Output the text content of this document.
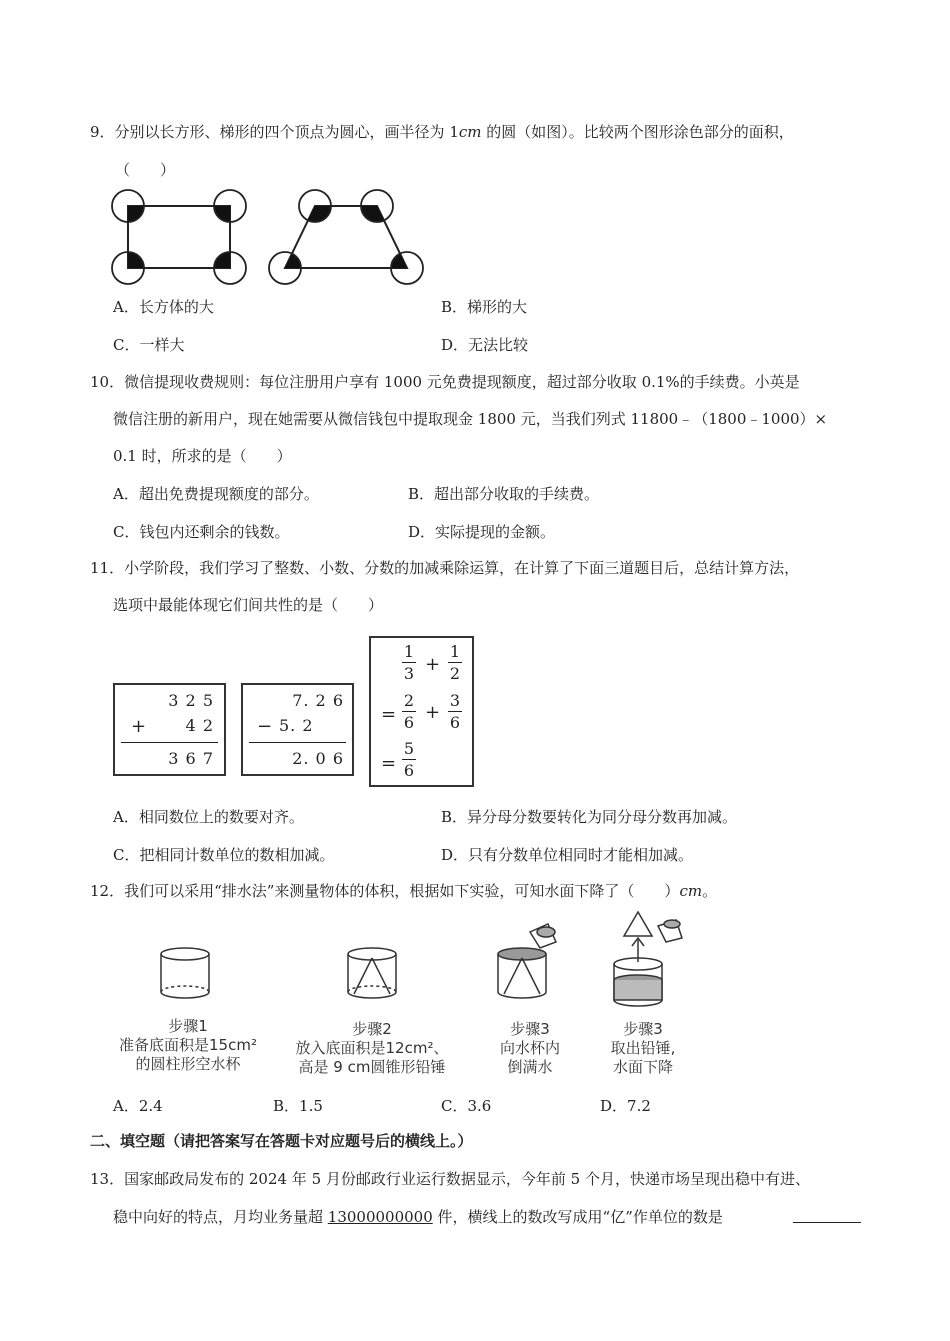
9．分别以长方形、梯形的四个顶点为圆心，画半径为 1cm 的圆（如图）。比较两个图形涂色部分的面积，
（　　）
A．长方体的大	B．梯形的大
C．一样大	D．无法比较
10．微信提现收费规则：每位注册用户享有 1000 元免费提现额度，超过部分收取 0.1%的手续费。小英是
微信注册的新用户，现在她需要从微信钱包中提取现金 1800 元，当我们列式 11800﹣（1800﹣1000）×
0.1 时，所求的是（　　）
A．超出免费提现额度的部分。	B．超出部分收取的手续费。
C．钱包内还剩余的钱数。	D．实际提现的金额。
11．小学阶段，我们学习了整数、小数、分数的加减乘除运算，在计算了下面三道题目后，总结计算方法，
选项中最能体现它们间共性的是（　　）
3 2 5
+ 4 2
3 6 7
7. 2 6
− 5. 2
2. 0 6
1
3 +
1
2
=
2
6 +
3
6
=
5
6
A．相同数位上的数要对齐。	B．异分母分数要转化为同分母分数再加减。
C．把相同计数单位的数相加减。	D．只有分数单位相同时才能相加减。
12．我们可以采用“排水法”来测量物体的体积，根据如下实验，可知水面下降了（　　）cm。
步骤1
准备底面积是15cm²
的圆柱形空水杯
步骤2
放入底面积是12cm²、
高是 9 cm圆锥形铅锤
步骤3
向水杯内
倒满水
步骤3
取出铅锤,
水面下降
A．2.4	B．1.5	C．3.6	D．7.2
二、填空题（请把答案写在答题卡对应题号后的横线上。）
13．国家邮政局发布的 2024 年 5 月份邮政行业运行数据显示，今年前 5 个月，快递市场呈现出稳中有进、
稳中向好的特点，月均业务量超 13000000000 件，横线上的数改写成用“亿”作单位的数是
